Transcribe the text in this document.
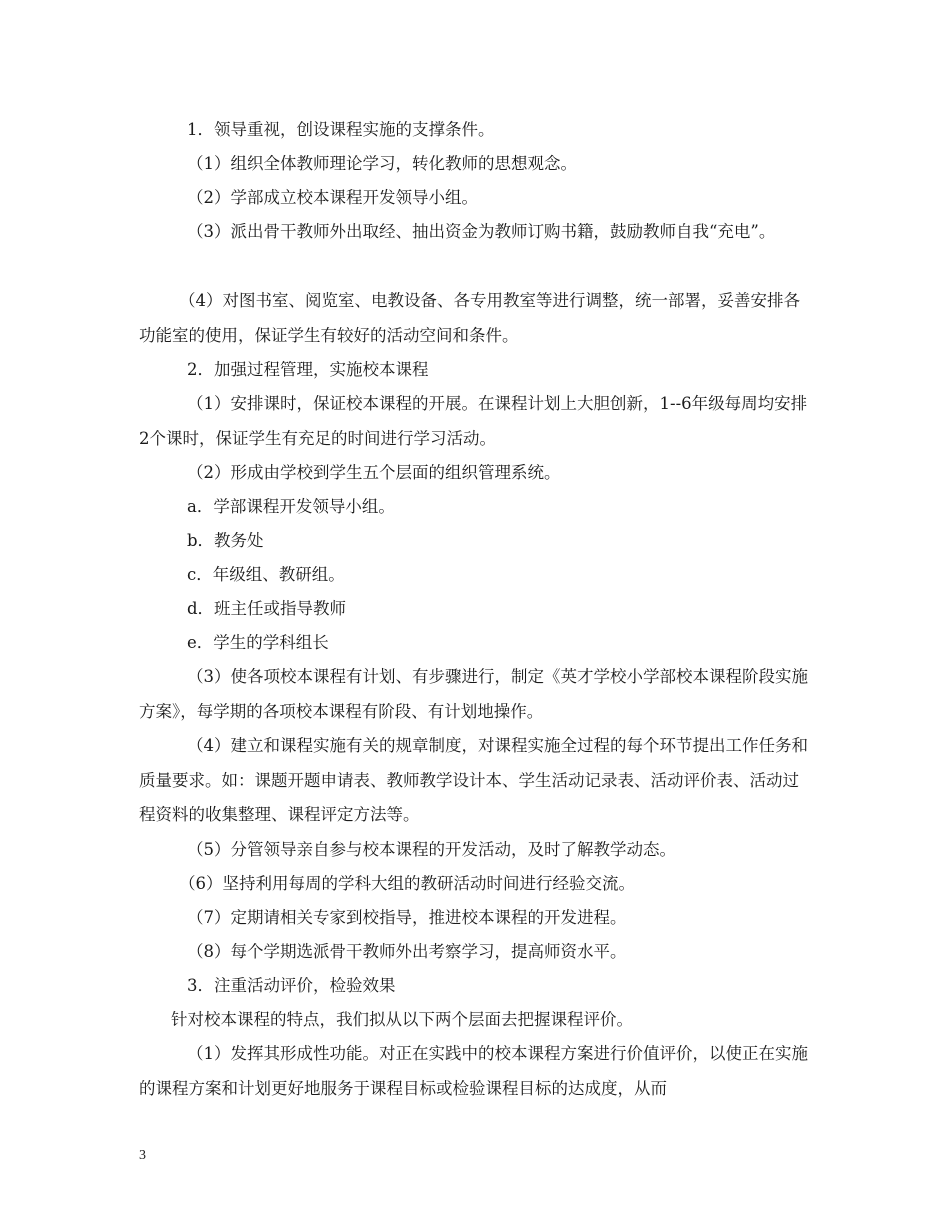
1．领导重视，创设课程实施的支撑条件。

（1）组织全体教师理论学习，转化教师的思想观念。

（2）学部成立校本课程开发领导小组。

（3）派出骨干教师外出取经、抽出资金为教师订购书籍，鼓励教师自我“充电”。

（4）对图书室、阅览室、电教设备、各专用教室等进行调整，统一部署，妥善安排各功能室的使用，保证学生有较好的活动空间和条件。

2．加强过程管理，实施校本课程

（1）安排课时，保证校本课程的开展。在课程计划上大胆创新，1--6年级每周均安排2个课时，保证学生有充足的时间进行学习活动。

（2）形成由学校到学生五个层面的组织管理系统。

a．学部课程开发领导小组。

b．教务处

c．年级组、教研组。

d．班主任或指导教师

e．学生的学科组长

（3）使各项校本课程有计划、有步骤进行，制定《英才学校小学部校本课程阶段实施方案》，每学期的各项校本课程有阶段、有计划地操作。

（4）建立和课程实施有关的规章制度，对课程实施全过程的每个环节提出工作任务和质量要求。如：课题开题申请表、教师教学设计本、学生活动记录表、活动评价表、活动过程资料的收集整理、课程评定方法等。

（5）分管领导亲自参与校本课程的开发活动，及时了解教学动态。

（6）坚持利用每周的学科大组的教研活动时间进行经验交流。

（7）定期请相关专家到校指导，推进校本课程的开发进程。

（8）每个学期选派骨干教师外出考察学习，提高师资水平。

3．注重活动评价，检验效果

针对校本课程的特点，我们拟从以下两个层面去把握课程评价。

（1）发挥其形成性功能。对正在实践中的校本课程方案进行价值评价，以使正在实施的课程方案和计划更好地服务于课程目标或检验课程目标的达成度，从而

3
